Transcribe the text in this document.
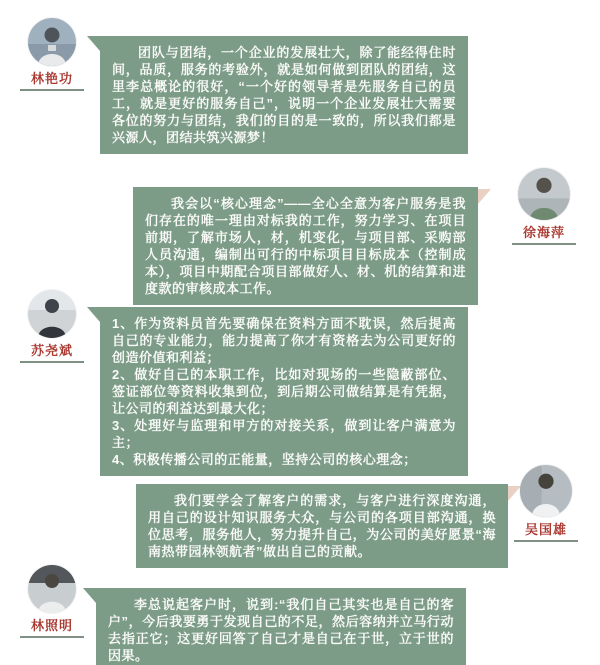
林艳功

团队与团结，一个企业的发展壮大，除了能经得住时间，品质，服务的考验外，就是如何做到团队的团结，这里李总概论的很好，“一个好的领导者是先服务自己的员工，就是更好的服务自己”，说明一个企业发展壮大需要各位的努力与团结，我们的目的是一致的，所以我们都是兴源人，团结共筑兴源梦！

我会以“核心理念”——全心全意为客户服务是我们存在的唯一理由对标我的工作，努力学习、在项目前期，了解市场人，材，机变化，与项目部、采购部人员沟通，编制出可行的中标项目目标成本（控制成本），项目中期配合项目部做好人、材、机的结算和进度款的审核成本工作。

徐海萍
苏尧斌

1、作为资料员首先要确保在资料方面不耽误，然后提高自己的专业能力，能力提高了你才有资格去为公司更好的创造价值和利益；

2、做好自己的本职工作，比如对现场的一些隐蔽部位、签证部位等资料收集到位，到后期公司做结算是有凭据，让公司的利益达到最大化；

3、处理好与监理和甲方的对接关系，做到让客户满意为主；

4、积极传播公司的正能量，坚持公司的核心理念；

我们要学会了解客户的需求，与客户进行深度沟通，用自己的设计知识服务大众，与公司的各项目部沟通，换位思考，服务他人，努力提升自己，为公司的美好愿景“海南热带园林领航者”做出自己的贡献。

吴国雄
林照明

李总说起客户时，说到:“我们自己其实也是自己的客户”，今后我要勇于发现自己的不足，然后容纳并立马行动去指正它；这更好回答了自己才是自己在于世，立于世的因果。
